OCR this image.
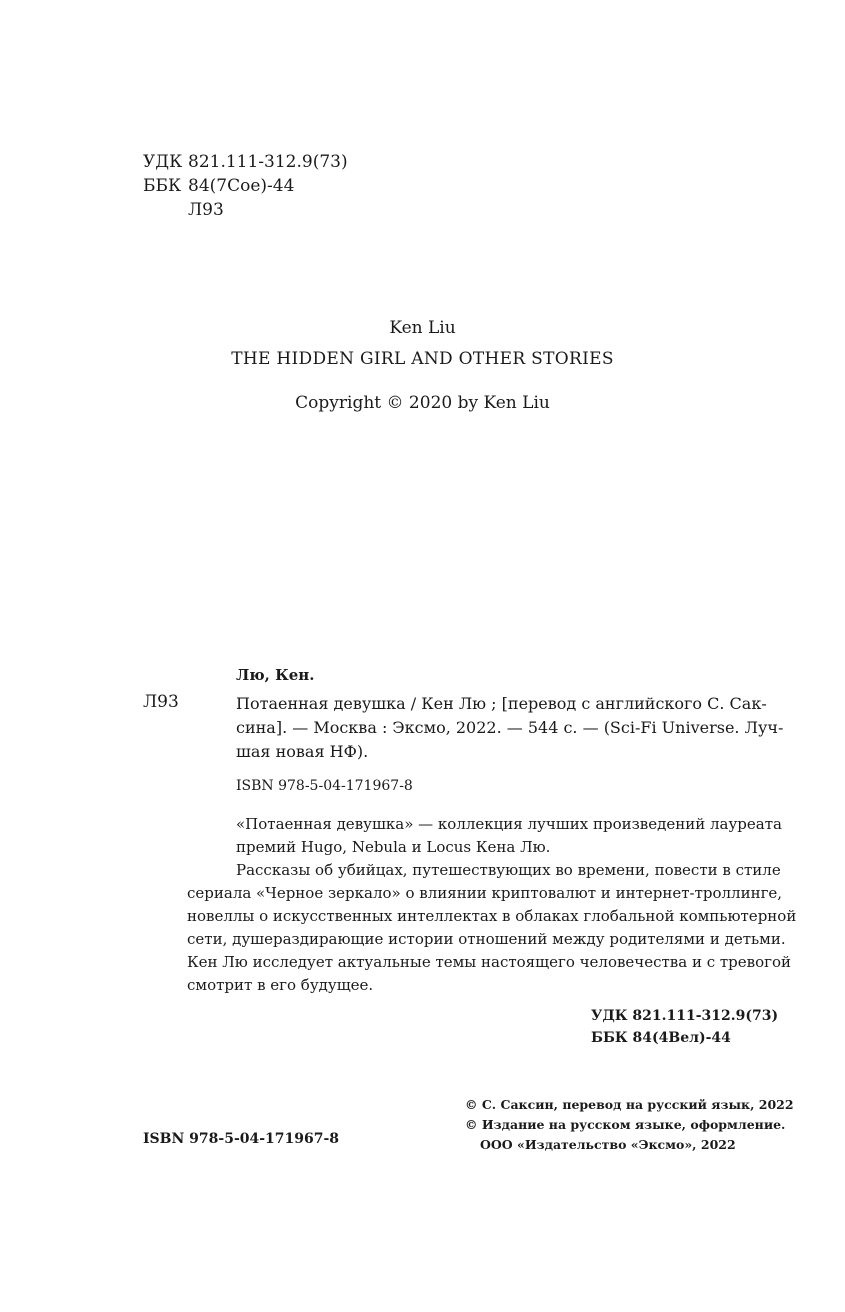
УДК 821.111-312.9(73)
ББК 84(7Сое)-44
Л93
Ken Liu
THE HIDDEN GIRL AND OTHER STORIES
Copyright © 2020 by Ken Liu
Лю, Кен.
Л93	Потаенная девушка / Кен Лю ; [перевод с английского С. Сак-
сина]. — Москва : Эксмо, 2022. — 544 с. — (Sci-Fi Universe. Луч-
шая новая НФ).
ISBN 978-5-04-171967-8
«Потаенная девушка» — коллекция лучших произведений лауреата
премий Hugo, Nebula и Locus Кена Лю.
Рассказы об убийцах, путешествующих во времени, повести в стиле
сериала «Черное зеркало» о влиянии криптовалют и интернет-троллинге,
новеллы о искусственных интеллектах в облаках глобальной компьютерной
сети, душераздирающие истории отношений между родителями и детьми.
Кен Лю исследует актуальные темы настоящего человечества и с тревогой
смотрит в его будущее.
УДК 821.111-312.9(73)
ББК 84(4Вел)-44
© С. Саксин, перевод на русский язык, 2022
© Издание на русском языке, оформление.
ООО «Издательство «Эксмо», 2022
ISBN 978-5-04-171967-8
